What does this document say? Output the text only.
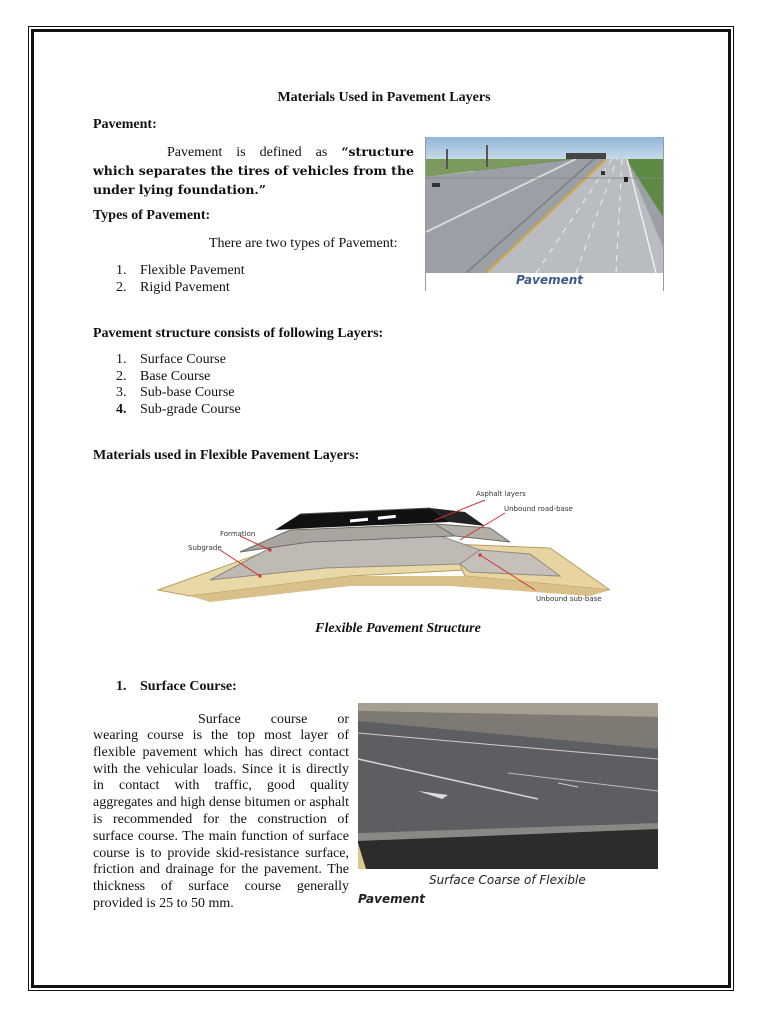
Materials Used in Pavement Layers
Pavement:
Pavement is defined as “structure which separates the tires of vehicles from the under lying foundation.”
Types of Pavement:
There are two types of Pavement:
1. Flexible Pavement
2. Rigid Pavement	Pavement
Pavement structure consists of following Layers:
1. Surface Course
2. Base Course
3. Sub-base Course
4. Sub-grade Course
Materials used in Flexible Pavement Layers:
Asphalt layers
Unbound road-base
Formation
Subgrade
Unbound sub-base
Flexible Pavement Structure
1. Surface Course:
Surface course or
wearing course is the top most layer of flexible pavement which has direct contact with the vehicular loads. Since it is directly in contact with traffic, good quality aggregates and high dense bitumen or asphalt is recommended for the construction of surface course. The main function of surface course is to provide skid-resistance surface, friction and drainage for the pavement. The thickness of surface course generally provided is 25 to 50 mm.
Surface Coarse of Flexible
Pavement
